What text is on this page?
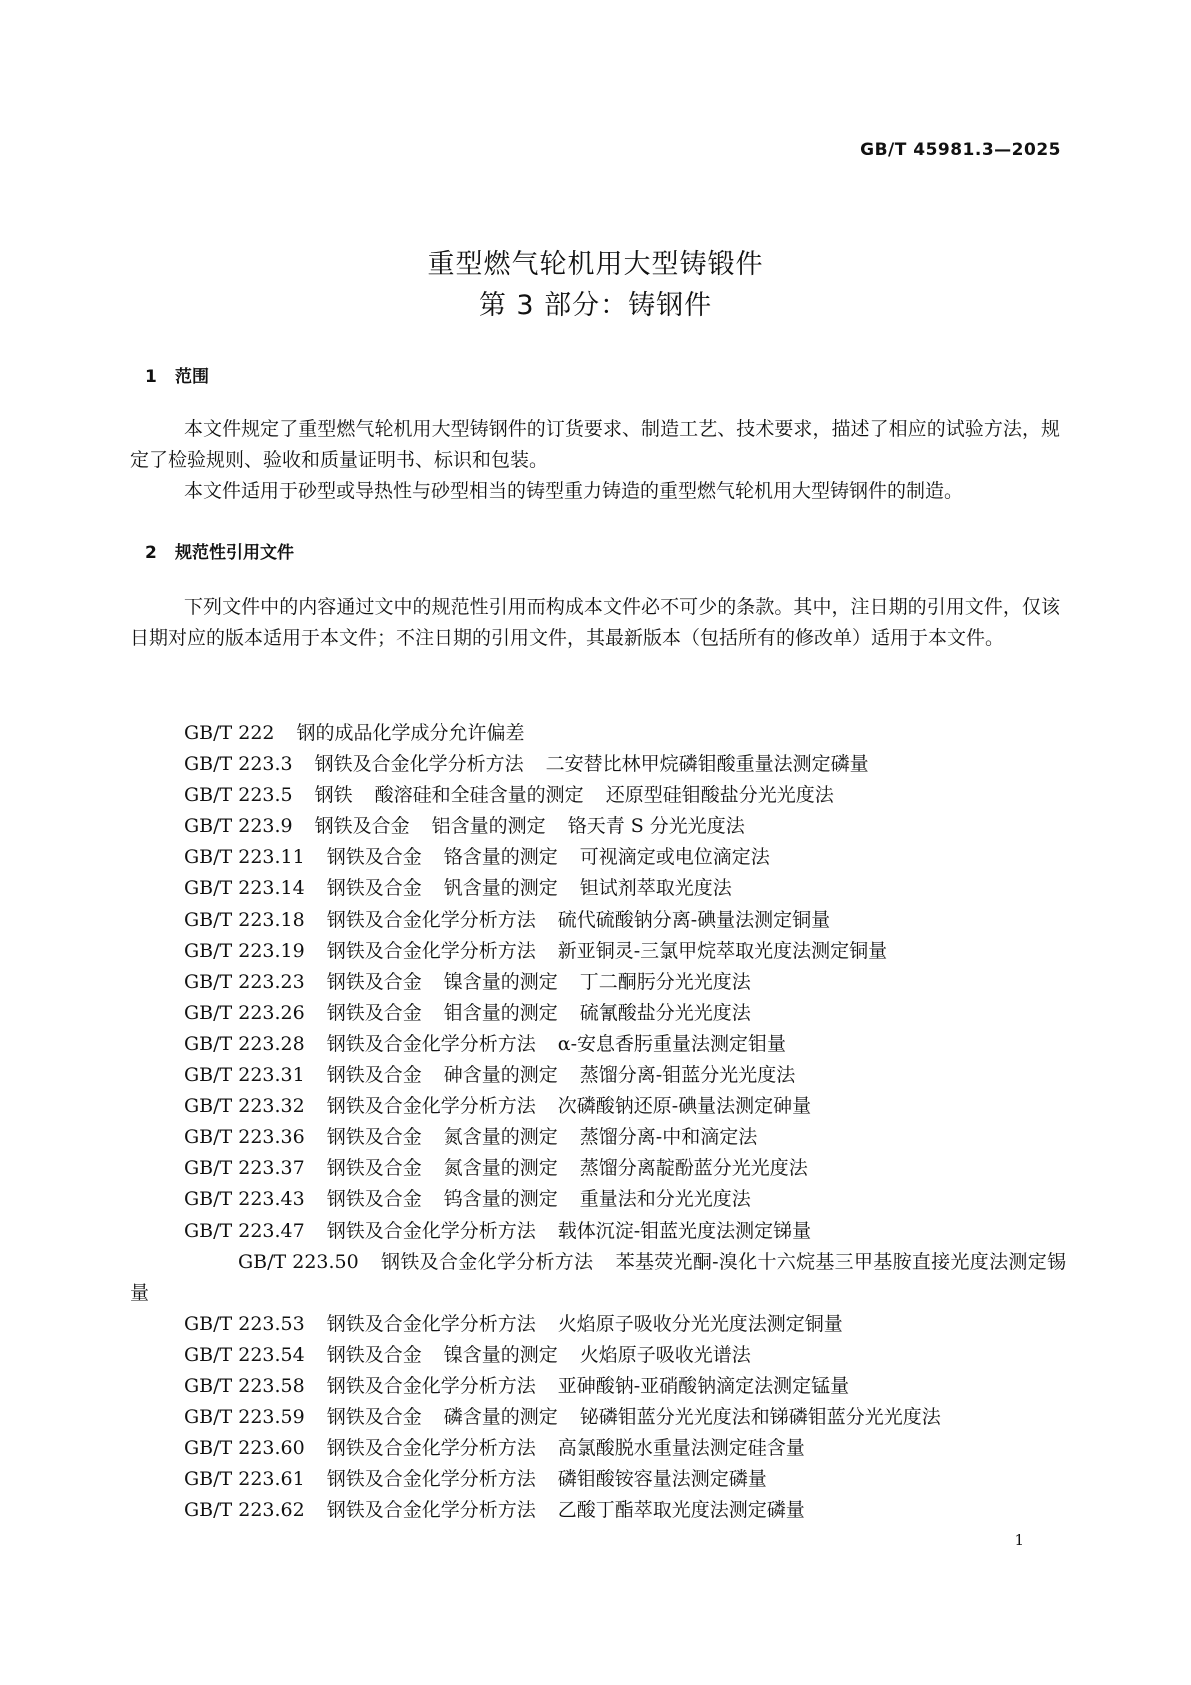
GB/T 45981.3—2025
重型燃气轮机用大型铸锻件
第 3 部分：铸钢件
1 范围
本文件规定了重型燃气轮机用大型铸钢件的订货要求、制造工艺、技术要求，描述了相应的试验方法，规定了检验规则、验收和质量证明书、标识和包装。
本文件适用于砂型或导热性与砂型相当的铸型重力铸造的重型燃气轮机用大型铸钢件的制造。
2 规范性引用文件
下列文件中的内容通过文中的规范性引用而构成本文件必不可少的条款。其中，注日期的引用文件，仅该日期对应的版本适用于本文件；不注日期的引用文件，其最新版本（包括所有的修改单）适用于本文件。
GB/T 222 钢的成品化学成分允许偏差
GB/T 223.3 钢铁及合金化学分析方法 二安替比林甲烷磷钼酸重量法测定磷量
GB/T 223.5 钢铁 酸溶硅和全硅含量的测定 还原型硅钼酸盐分光光度法
GB/T 223.9 钢铁及合金 铝含量的测定 铬天青 S 分光光度法
GB/T 223.11 钢铁及合金 铬含量的测定 可视滴定或电位滴定法
GB/T 223.14 钢铁及合金 钒含量的测定 钽试剂萃取光度法
GB/T 223.18 钢铁及合金化学分析方法 硫代硫酸钠分离-碘量法测定铜量
GB/T 223.19 钢铁及合金化学分析方法 新亚铜灵-三氯甲烷萃取光度法测定铜量
GB/T 223.23 钢铁及合金 镍含量的测定 丁二酮肟分光光度法
GB/T 223.26 钢铁及合金 钼含量的测定 硫氰酸盐分光光度法
GB/T 223.28 钢铁及合金化学分析方法 α-安息香肟重量法测定钼量
GB/T 223.31 钢铁及合金 砷含量的测定 蒸馏分离-钼蓝分光光度法
GB/T 223.32 钢铁及合金化学分析方法 次磷酸钠还原-碘量法测定砷量
GB/T 223.36 钢铁及合金 氮含量的测定 蒸馏分离-中和滴定法
GB/T 223.37 钢铁及合金 氮含量的测定 蒸馏分离靛酚蓝分光光度法
GB/T 223.43 钢铁及合金 钨含量的测定 重量法和分光光度法
GB/T 223.47 钢铁及合金化学分析方法 载体沉淀-钼蓝光度法测定锑量
GB/T 223.50 钢铁及合金化学分析方法 苯基荧光酮-溴化十六烷基三甲基胺直接光度法测定锡量
GB/T 223.53 钢铁及合金化学分析方法 火焰原子吸收分光光度法测定铜量
GB/T 223.54 钢铁及合金 镍含量的测定 火焰原子吸收光谱法
GB/T 223.58 钢铁及合金化学分析方法 亚砷酸钠-亚硝酸钠滴定法测定锰量
GB/T 223.59 钢铁及合金 磷含量的测定 铋磷钼蓝分光光度法和锑磷钼蓝分光光度法
GB/T 223.60 钢铁及合金化学分析方法 高氯酸脱水重量法测定硅含量
GB/T 223.61 钢铁及合金化学分析方法 磷钼酸铵容量法测定磷量
GB/T 223.62 钢铁及合金化学分析方法 乙酸丁酯萃取光度法测定磷量
1
